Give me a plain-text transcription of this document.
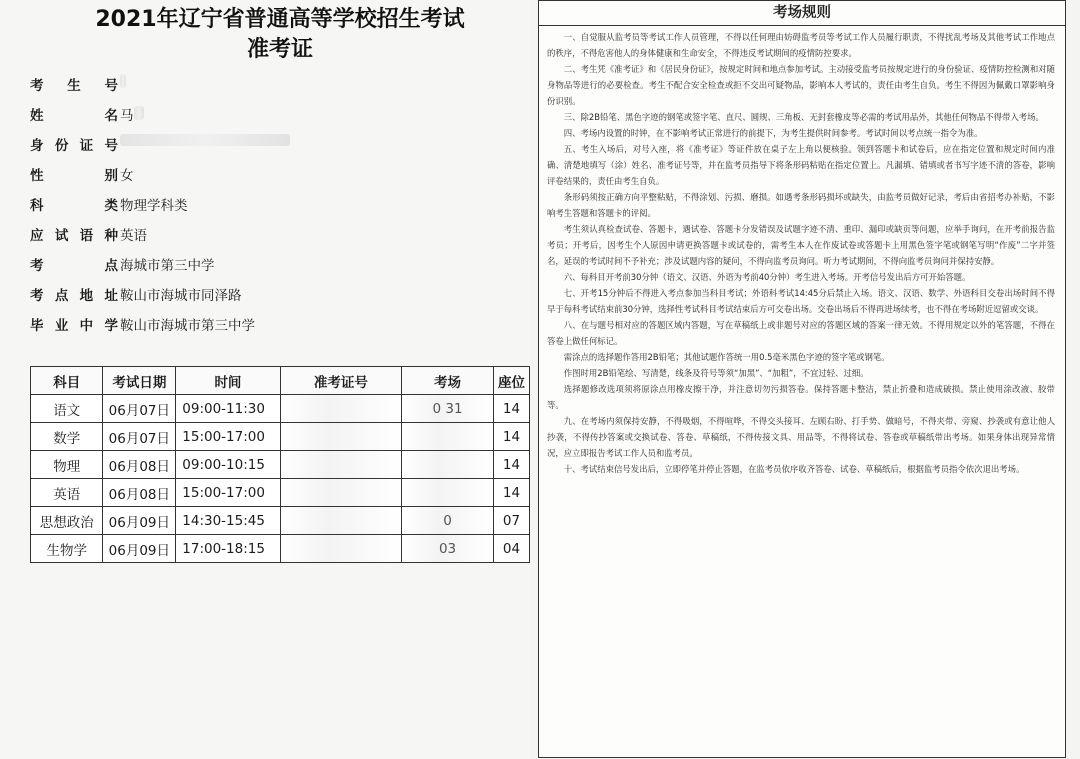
2021年辽宁省普通高等学校招生考试
准考证
考 生 号
姓	名 马
身 份 证 号
性	别 女
科	类 物理学科类
应 试 语 种 英语
考	点 海城市第三中学
考 点 地 址 鞍山市海城市同泽路
毕 业 中 学 鞍山市海城市第三中学
科目	考试日期	时间	准考证号	考场	座位
语文	06月07日	09:00-11:30		0 31	14
数学	06月07日	15:00-17:00			14
物理	06月08日	09:00-10:15			14
英语	06月08日	15:00-17:00			14
思想政治	06月09日	14:30-15:45		0	07
生物学	06月09日	17:00-18:15		03	04
考场规则

一、自觉服从监考员等考试工作人员管理，不得以任何理由妨碍监考员等考试工作人员履行职责，不得扰乱考场及其他考试工作地点的秩序，不得危害他人的身体健康和生命安全，不得违反考试期间的疫情防控要求。

二、考生凭《准考证》和《居民身份证》，按规定时间和地点参加考试。主动接受监考员按规定进行的身份验证、疫情防控检测和对随身物品等进行的必要检查。考生不配合安全检查或拒不交出可疑物品，影响本人考试的，责任由考生自负。考生不得因为佩戴口罩影响身份识别。

三、除2B铅笔、黑色字迹的钢笔或签字笔、直尺、圆规、三角板、无封套橡皮等必需的考试用品外，其他任何物品不得带入考场。

四、考场内设置的时钟，在不影响考试正常进行的前提下，为考生提供时间参考。考试时间以考点统一指令为准。

五、考生入场后，对号入座，将《准考证》等证件放在桌子左上角以便核验。领到答题卡和试卷后，应在指定位置和规定时间内准确、清楚地填写（涂）姓名、准考证号等，并在监考员指导下将条形码粘贴在指定位置上。凡漏填、错填或者书写字迹不清的答卷，影响评卷结果的，责任由考生自负。

条形码须按正确方向平整粘贴，不得涂划、污损、磨损。如遇考条形码损坏或缺失，由监考员做好记录，考后由省招考办补贴，不影响考生答题和答题卡的评阅。

考生须认真检查试卷、答题卡，遇试卷、答题卡分发错误及试题字迹不清、重印、漏印或缺页等问题，应举手询问，在开考前报告监考员；开考后，因考生个人原因申请更换答题卡或试卷的，需考生本人在作废试卷或答题卡上用黑色签字笔或钢笔写明“作废”二字并签名，延误的考试时间不予补充；涉及试题内容的疑问，不得向监考员询问。听力考试期间，不得向监考员询问并保持安静。

六、每科目开考前30分钟（语文、汉语、外语为考前40分钟）考生进入考场。开考信号发出后方可开始答题。

七、开考15分钟后不得进入考点参加当科目考试；外语科考试14:45分后禁止入场。语文、汉语、数学、外语科目交卷出场时间不得早于每科考试结束前30分钟，选择性考试科目考试结束后方可交卷出场。交卷出场后不得再进场续考，也不得在考场附近逗留或交谈。

八、在与题号相对应的答题区域内答题，写在草稿纸上或非题号对应的答题区域的答案一律无效。不得用规定以外的笔答题，不得在答卷上做任何标记。

需涂点的选择题作答用2B铅笔；其他试题作答统一用0.5毫米黑色字迹的签字笔或钢笔。

作图时用2B铅笔绘、写清楚，线条及符号等须“加黑”、“加粗”，不宜过轻、过细。

选择题修改选项须将原涂点用橡皮擦干净，并注意切勿污损答卷。保持答题卡整洁，禁止折叠和造成破损。禁止使用涂改液、胶带等。

九、在考场内须保持安静，不得吸烟，不得喧哗，不得交头接耳、左顾右盼、打手势、做暗号，不得夹带、旁窥、抄袭或有意让他人抄袭，不得传抄答案或交换试卷、答卷、草稿纸，不得传接文具、用品等，不得将试卷、答卷或草稿纸带出考场。如果身体出现异常情况，应立即报告考试工作人员和监考员。

十、考试结束信号发出后，立即停笔并停止答题，在监考员依序收齐答卷、试卷、草稿纸后，根据监考员指令依次退出考场。
